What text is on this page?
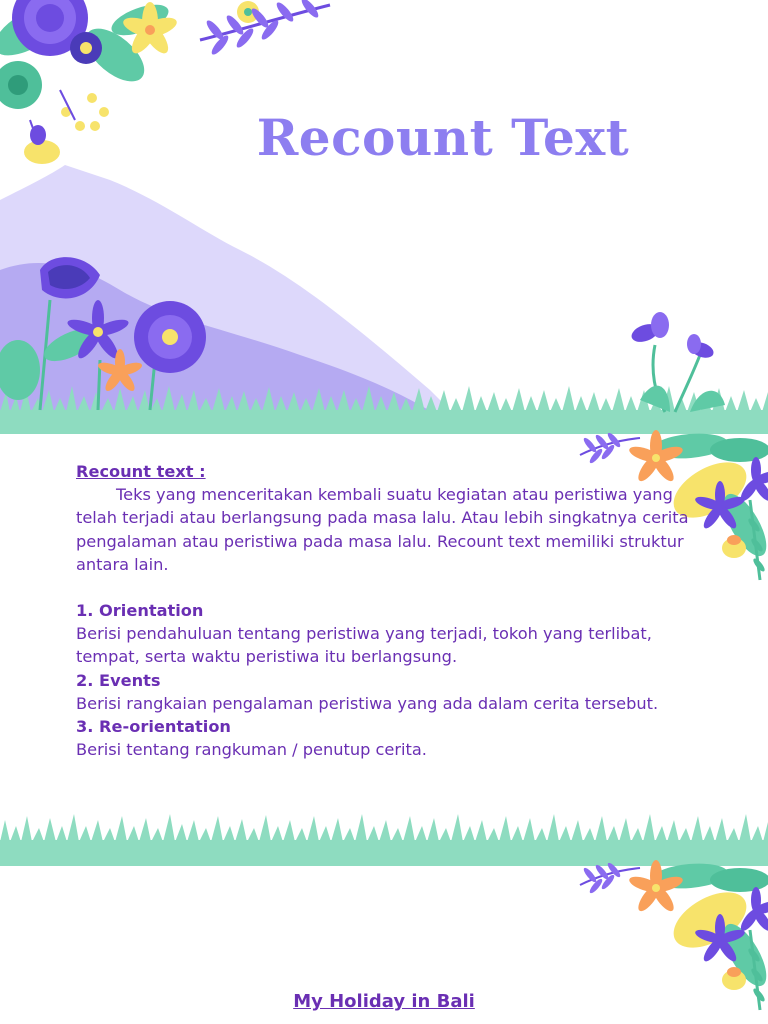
Recount Text

Recount text :

Teks yang menceritakan kembali suatu kegiatan atau peristiwa yang telah terjadi atau berlangsung pada masa lalu. Atau lebih singkatnya cerita pengalaman atau peristiwa pada masa lalu. Recount text memiliki struktur antara lain.

1. Orientation

Berisi pendahuluan tentang peristiwa yang terjadi, tokoh yang terlibat, tempat, serta waktu peristiwa itu berlangsung.

2. Events

Berisi rangkaian pengalaman peristiwa yang ada dalam cerita tersebut.

3. Re-orientation

Berisi tentang rangkuman / penutup cerita.

My Holiday in Bali
